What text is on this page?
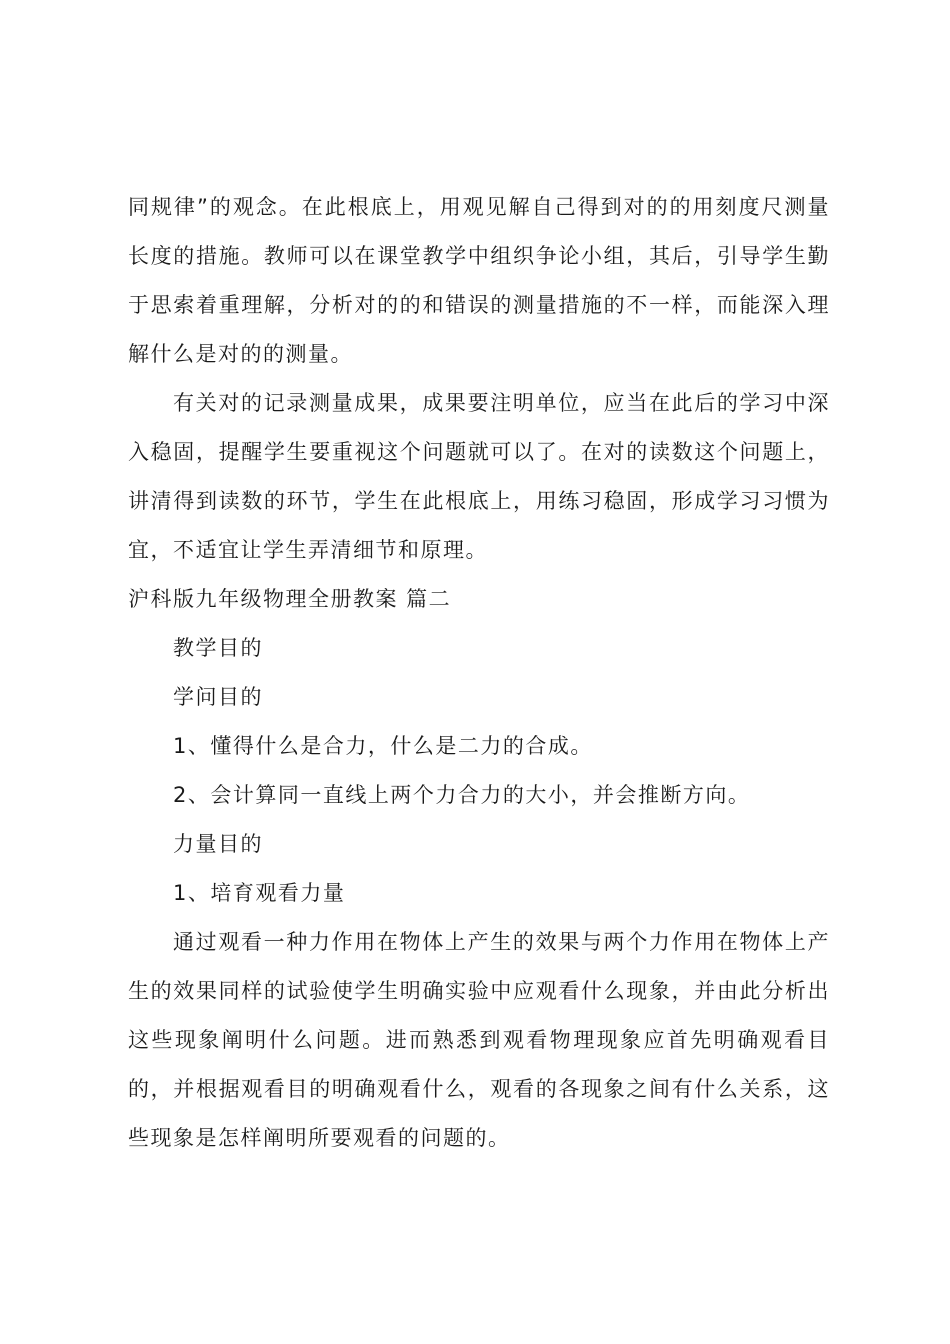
同规律”的观念。在此根底上，用观见解自己得到对的的用刻度尺测量长度的措施。教师可以在课堂教学中组织争论小组，其后，引导学生勤于思索着重理解，分析对的的和错误的测量措施的不一样，而能深入理解什么是对的的测量。

有关对的记录测量成果，成果要注明单位，应当在此后的学习中深入稳固，提醒学生要重视这个问题就可以了。在对的读数这个问题上，讲清得到读数的环节，学生在此根底上，用练习稳固，形成学习习惯为宜，不适宜让学生弄清细节和原理。

沪科版九年级物理全册教案 篇二

教学目的

学问目的

1、懂得什么是合力，什么是二力的合成。

2、会计算同一直线上两个力合力的大小，并会推断方向。

力量目的

1、培育观看力量

通过观看一种力作用在物体上产生的效果与两个力作用在物体上产生的效果同样的试验使学生明确实验中应观看什么现象，并由此分析出这些现象阐明什么问题。进而熟悉到观看物理现象应首先明确观看目的，并根据观看目的明确观看什么，观看的各现象之间有什么关系，这些现象是怎样阐明所要观看的问题的。
